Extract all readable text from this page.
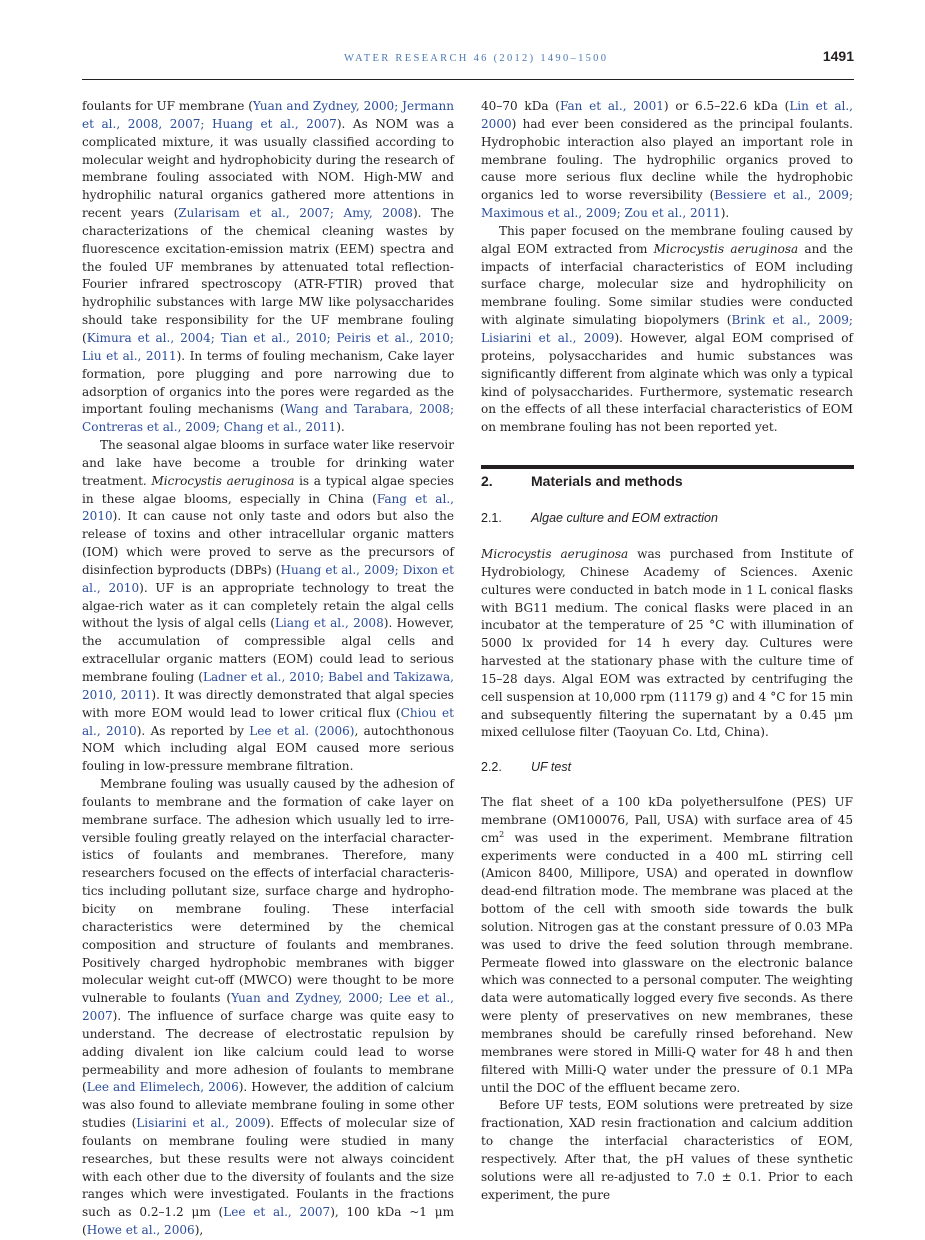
WATER RESEARCH 46 (2012) 1490–1500	1491

foulants for UF membrane (Yuan and Zydney, 2000; Jermann et al., 2008, 2007; Huang et al., 2007). As NOM was a complicated mixture, it was usually classified according to molecular weight and hydrophobicity during the research of membrane fouling associated with NOM. High-MW and hydrophilic natural organics gathered more attentions in recent years (Zularisam et al., 2007; Amy, 2008). The characterizations of the chemical cleaning wastes by fluorescence excitation-emission matrix (EEM) spectra and the fouled UF membranes by attenuated total reflection-Fourier infrared spectroscopy (ATR-FTIR) proved that hydrophilic substances with large MW like polysaccharides should take responsibility for the UF membrane fouling (Kimura et al., 2004; Tian et al., 2010; Peiris et al., 2010; Liu et al., 2011). In terms of fouling mechanism, Cake layer formation, pore plugging and pore narrowing due to adsorption of organics into the pores were regarded as the important fouling mechanisms (Wang and Tarabara, 2008; Contreras et al., 2009; Chang et al., 2011).

The seasonal algae blooms in surface water like reservoir and lake have become a trouble for drinking water treatment. Microcystis aeruginosa is a typical algae species in these algae blooms, especially in China (Fang et al., 2010). It can cause not only taste and odors but also the release of toxins and other intracellular organic matters (IOM) which were proved to serve as the precursors of disinfection byproducts (DBPs) (Huang et al., 2009; Dixon et al., 2010). UF is an appropriate technology to treat the algae-rich water as it can completely retain the algal cells without the lysis of algal cells (Liang et al., 2008). However, the accumulation of compressible algal cells and extracellular organic matters (EOM) could lead to serious membrane fouling (Ladner et al., 2010; Babel and Takizawa, 2010, 2011). It was directly demonstrated that algal species with more EOM would lead to lower critical flux (Chiou et al., 2010). As reported by Lee et al. (2006), autochthonous NOM which including algal EOM caused more serious fouling in low-pressure membrane filtration.

Membrane fouling was usually caused by the adhesion of foulants to membrane and the formation of cake layer on membrane surface. The adhesion which usually led to irreversible fouling greatly relayed on the interfacial characteristics of foulants and membranes. Therefore, many researchers focused on the effects of interfacial characteristics including pollutant size, surface charge and hydrophobicity on membrane fouling. These interfacial characteristics were determined by the chemical composition and structure of foulants and membranes. Positively charged hydrophobic membranes with bigger molecular weight cut-off (MWCO) were thought to be more vulnerable to foulants (Yuan and Zydney, 2000; Lee et al., 2007). The influence of surface charge was quite easy to understand. The decrease of electrostatic repulsion by adding divalent ion like calcium could lead to worse permeability and more adhesion of foulants to membrane (Lee and Elimelech, 2006). However, the addition of calcium was also found to alleviate membrane fouling in some other studies (Lisiarini et al., 2009). Effects of molecular size of foulants on membrane fouling were studied in many researches, but these results were not always coincident with each other due to the diversity of foulants and the size ranges which were investigated. Foulants in the fractions such as 0.2–1.2 μm (Lee et al., 2007), 100 kDa ~1 μm (Howe et al., 2006),

40–70 kDa (Fan et al., 2001) or 6.5–22.6 kDa (Lin et al., 2000) had ever been considered as the principal foulants. Hydrophobic interaction also played an important role in membrane fouling. The hydrophilic organics proved to cause more serious flux decline while the hydrophobic organics led to worse reversibility (Bessiere et al., 2009; Maximous et al., 2009; Zou et al., 2011).

This paper focused on the membrane fouling caused by algal EOM extracted from Microcystis aeruginosa and the impacts of interfacial characteristics of EOM including surface charge, molecular size and hydrophilicity on membrane fouling. Some similar studies were conducted with alginate simulating biopolymers (Brink et al., 2009; Lisiarini et al., 2009). However, algal EOM comprised of proteins, polysaccharides and humic substances was significantly different from alginate which was only a typical kind of polysaccharides. Furthermore, systematic research on the effects of all these interfacial characteristics of EOM on membrane fouling has not been reported yet.

2.	Materials and methods
2.1. Algae culture and EOM extraction

Microcystis aeruginosa was purchased from Institute of Hydrobiology, Chinese Academy of Sciences. Axenic cultures were conducted in batch mode in 1 L conical flasks with BG11 medium. The conical flasks were placed in an incubator at the temperature of 25 °C with illumination of 5000 lx provided for 14 h every day. Cultures were harvested at the stationary phase with the culture time of 15–28 days. Algal EOM was extracted by centrifuging the cell suspension at 10,000 rpm (11179 g) and 4 °C for 15 min and subsequently filtering the supernatant by a 0.45 μm mixed cellulose filter (Taoyuan Co. Ltd, China).

2.2. UF test

The flat sheet of a 100 kDa polyethersulfone (PES) UF membrane (OM100076, Pall, USA) with surface area of 45 $cm^2$ was used in the experiment. Membrane filtration experiments were conducted in a 400 mL stirring cell (Amicon 8400, Millipore, USA) and operated in downflow dead-end filtration mode. The membrane was placed at the bottom of the cell with smooth side towards the bulk solution. Nitrogen gas at the constant pressure of 0.03 MPa was used to drive the feed solution through membrane. Permeate flowed into glassware on the electronic balance which was connected to a personal computer. The weighting data were automatically logged every five seconds. As there were plenty of preservatives on new membranes, these membranes should be carefully rinsed beforehand. New membranes were stored in Milli-Q water for 48 h and then filtered with Milli-Q water under the pressure of 0.1 MPa until the DOC of the effluent became zero.

Before UF tests, EOM solutions were pretreated by size fractionation, XAD resin fractionation and calcium addition to change the interfacial characteristics of EOM, respectively. After that, the pH values of these synthetic solutions were all re-adjusted to 7.0 ± 0.1. Prior to each experiment, the pure
